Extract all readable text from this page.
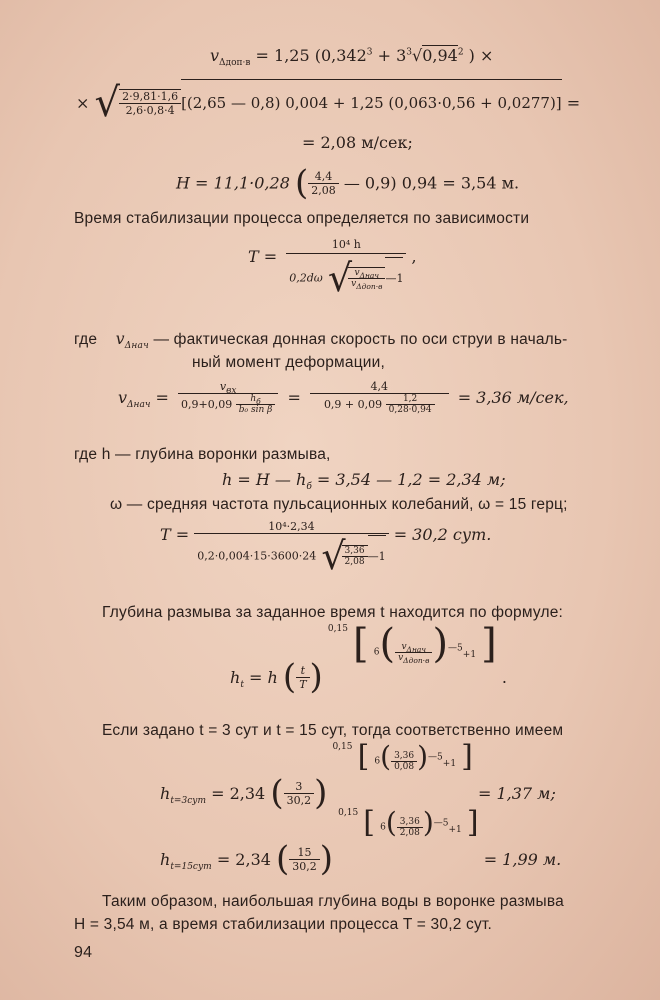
$v_{\Delta доп\cdot в} = 1,25$ ($0,342^3 + 3^3√0,94^2$ ) ×
× √ $\frac{2\cdot 9,81\cdot 1,6}{2,6\cdot 0,8\cdot 4} [(2,65$ — 0,8) 0,004 + 1,25 (0,063·0,56 + 0,0277)] =
= 2,08 м/сек;
H = 11,1·0,28 ( $\frac{4,4}{2,08}$ — 0,9) 0,94 = 3,54 м.
Время стабилизации процесса определяется по зависимости
T = 10⁴ h
0,2dω √
$\frac{v_{\Delta нач}}{v_{\Delta доп\cdot в}}$ —1 ,
где $v_{\Delta нач}$ — фактическая донная скорость по оси струи в началь-
ный момент деформации,
$v_{\Delta нач} = \frac{v_{вх}}{0,9+0,09 \frac{h_б}{\text{b₀ sin β}}} = \frac{4,4}{0,9 + 0,09 \frac{1,2}{0,28\cdot 0,94}} = 3,36$ м/сек,
где h — глубина воронки размыва,
h = H — $h_б = 3,54$ — 1,2 = 2,34 м;
ω — средняя частота пульсационных колебаний, ω = 15 герц;
T =	10⁴·2,34
0,2·0,004·15·3600·24 √
$\frac{3,36}{2,08}$ —1
= 30,2 сут.
Глубина размыва за заданное время t находится по формуле:
$h_t = h$ ( $\frac{t}{T}$ ) $^{0,15}$ [ $6( \frac{v_{\Delta нач}}{v_{\Delta доп\cdot в}} )^{—5}+1$ ] .
Если задано t = 3 сут и t = 15 сут, тогда соответственно имеем
$h_{t=3сут} = 2,34$ ( $\frac{3}{30,2}$ ) $^{0,15}$ [ $6( \frac{3,36}{0,08} )^{—5}+1$ ] = 1,37 м;
$h_{t=15сут} = 2,34$ ( $\frac{15}{30,2}$ ) $^{0,15}$ [ $6( \frac{3,36}{2,08} )^{—5}+1$ ] = 1,99 м.
Таким образом, наибольшая глубина воды в воронке размыва
H = 3,54 м, а время стабилизации процесса T = 30,2 сут.
94
